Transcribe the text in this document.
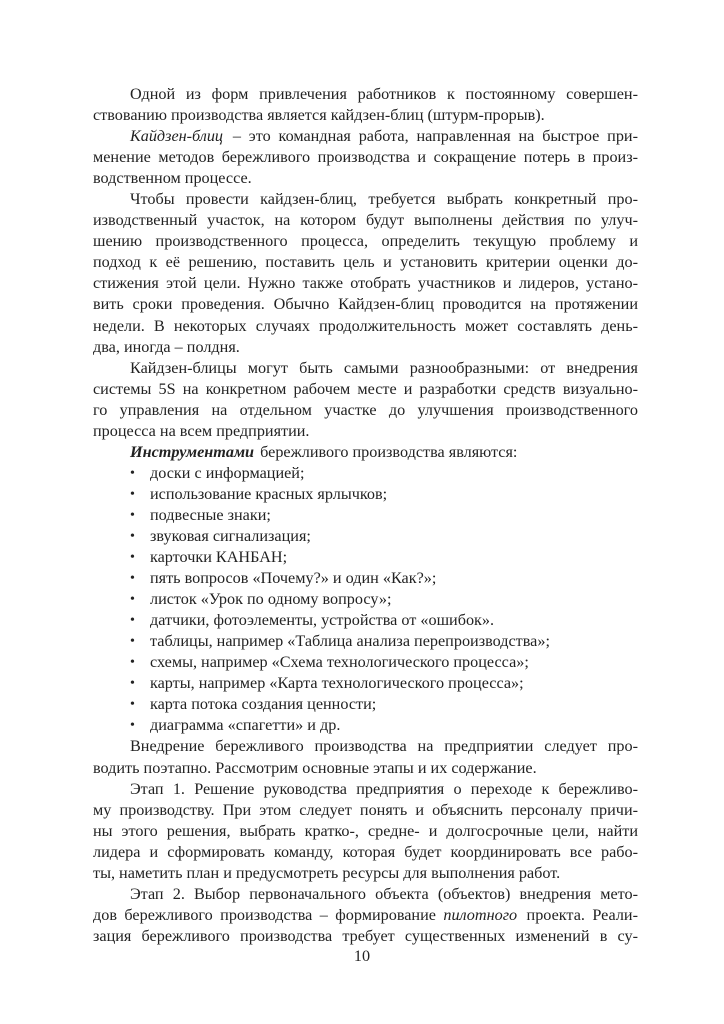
Одной из форм привлечения работников к постоянному совершен-
ствованию производства является кайдзен-блиц (штурм-прорыв).
Кайдзен-блиц – это командная работа, направленная на быстрое при-
менение методов бережливого производства и сокращение потерь в произ-
водственном процессе.
Чтобы провести кайдзен-блиц, требуется выбрать конкретный про-
изводственный участок, на котором будут выполнены действия по улуч-
шению производственного процесса, определить текущую проблему и
подход к её решению, поставить цель и установить критерии оценки до-
стижения этой цели. Нужно также отобрать участников и лидеров, устано-
вить сроки проведения. Обычно Кайдзен-блиц проводится на протяжении
недели. В некоторых случаях продолжительность может составлять день-
два, иногда – полдня.
Кайдзен-блицы могут быть самыми разнообразными: от внедрения
системы 5S на конкретном рабочем месте и разработки средств визуально-
го управления на отдельном участке до улучшения производственного
процесса на всем предприятии.
Инструментами бережливого производства являются:
• доски с информацией;
• использование красных ярлычков;
• подвесные знаки;
• звуковая сигнализация;
• карточки КАНБАН;
• пять вопросов «Почему?» и один «Как?»;
• листок «Урок по одному вопросу»;
• датчики, фотоэлементы, устройства от «ошибок».
• таблицы, например «Таблица анализа перепроизводства»;
• схемы, например «Схема технологического процесса»;
• карты, например «Карта технологического процесса»;
• карта потока создания ценности;
• диаграмма «спагетти» и др.
Внедрение бережливого производства на предприятии следует про-
водить поэтапно. Рассмотрим основные этапы и их содержание.
Этап 1. Решение руководства предприятия о переходе к бережливо-
му производству. При этом следует понять и объяснить персоналу причи-
ны этого решения, выбрать кратко-, средне- и долгосрочные цели, найти
лидера и сформировать команду, которая будет координировать все рабо-
ты, наметить план и предусмотреть ресурсы для выполнения работ.
Этап 2. Выбор первоначального объекта (объектов) внедрения мето-
дов бережливого производства – формирование пилотного проекта. Реали-
зация бережливого производства требует существенных изменений в су-
10
